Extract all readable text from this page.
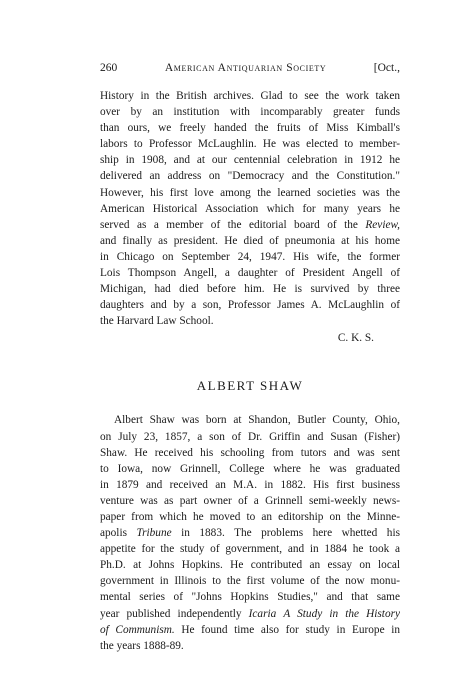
260	American Antiquarian Society	[Oct.,

History in the British archives. Glad to see the work taken
over by an institution with incomparably greater funds
than ours, we freely handed the fruits of Miss Kimball's
labors to Professor McLaughlin. He was elected to member-
ship in 1908, and at our centennial celebration in 1912 he
delivered an address on "Democracy and the Constitution."
However, his first love among the learned societies was the
American Historical Association which for many years he
served as a member of the editorial board of the Review,
and finally as president. He died of pneumonia at his home
in Chicago on September 24, 1947. His wife, the former
Lois Thompson Angell, a daughter of President Angell of
Michigan, had died before him. He is survived by three
daughters and by a son, Professor James A. McLaughlin of
the Harvard Law School.

C. K. S.
ALBERT SHAW

Albert Shaw was born at Shandon, Butler County, Ohio,
on July 23, 1857, a son of Dr. Griffin and Susan (Fisher)
Shaw. He received his schooling from tutors and was sent
to Iowa, now Grinnell, College where he was graduated
in 1879 and received an M.A. in 1882. His first business
venture was as part owner of a Grinnell semi-weekly news-
paper from which he moved to an editorship on the Minne-
apolis Tribune in 1883. The problems here whetted his
appetite for the study of government, and in 1884 he took a
Ph.D. at Johns Hopkins. He contributed an essay on local
government in Illinois to the first volume of the now monu-
mental series of "Johns Hopkins Studies," and that same
year published independently Icaria A Study in the History
of Communism. He found time also for study in Europe in
the years 1888-89.
